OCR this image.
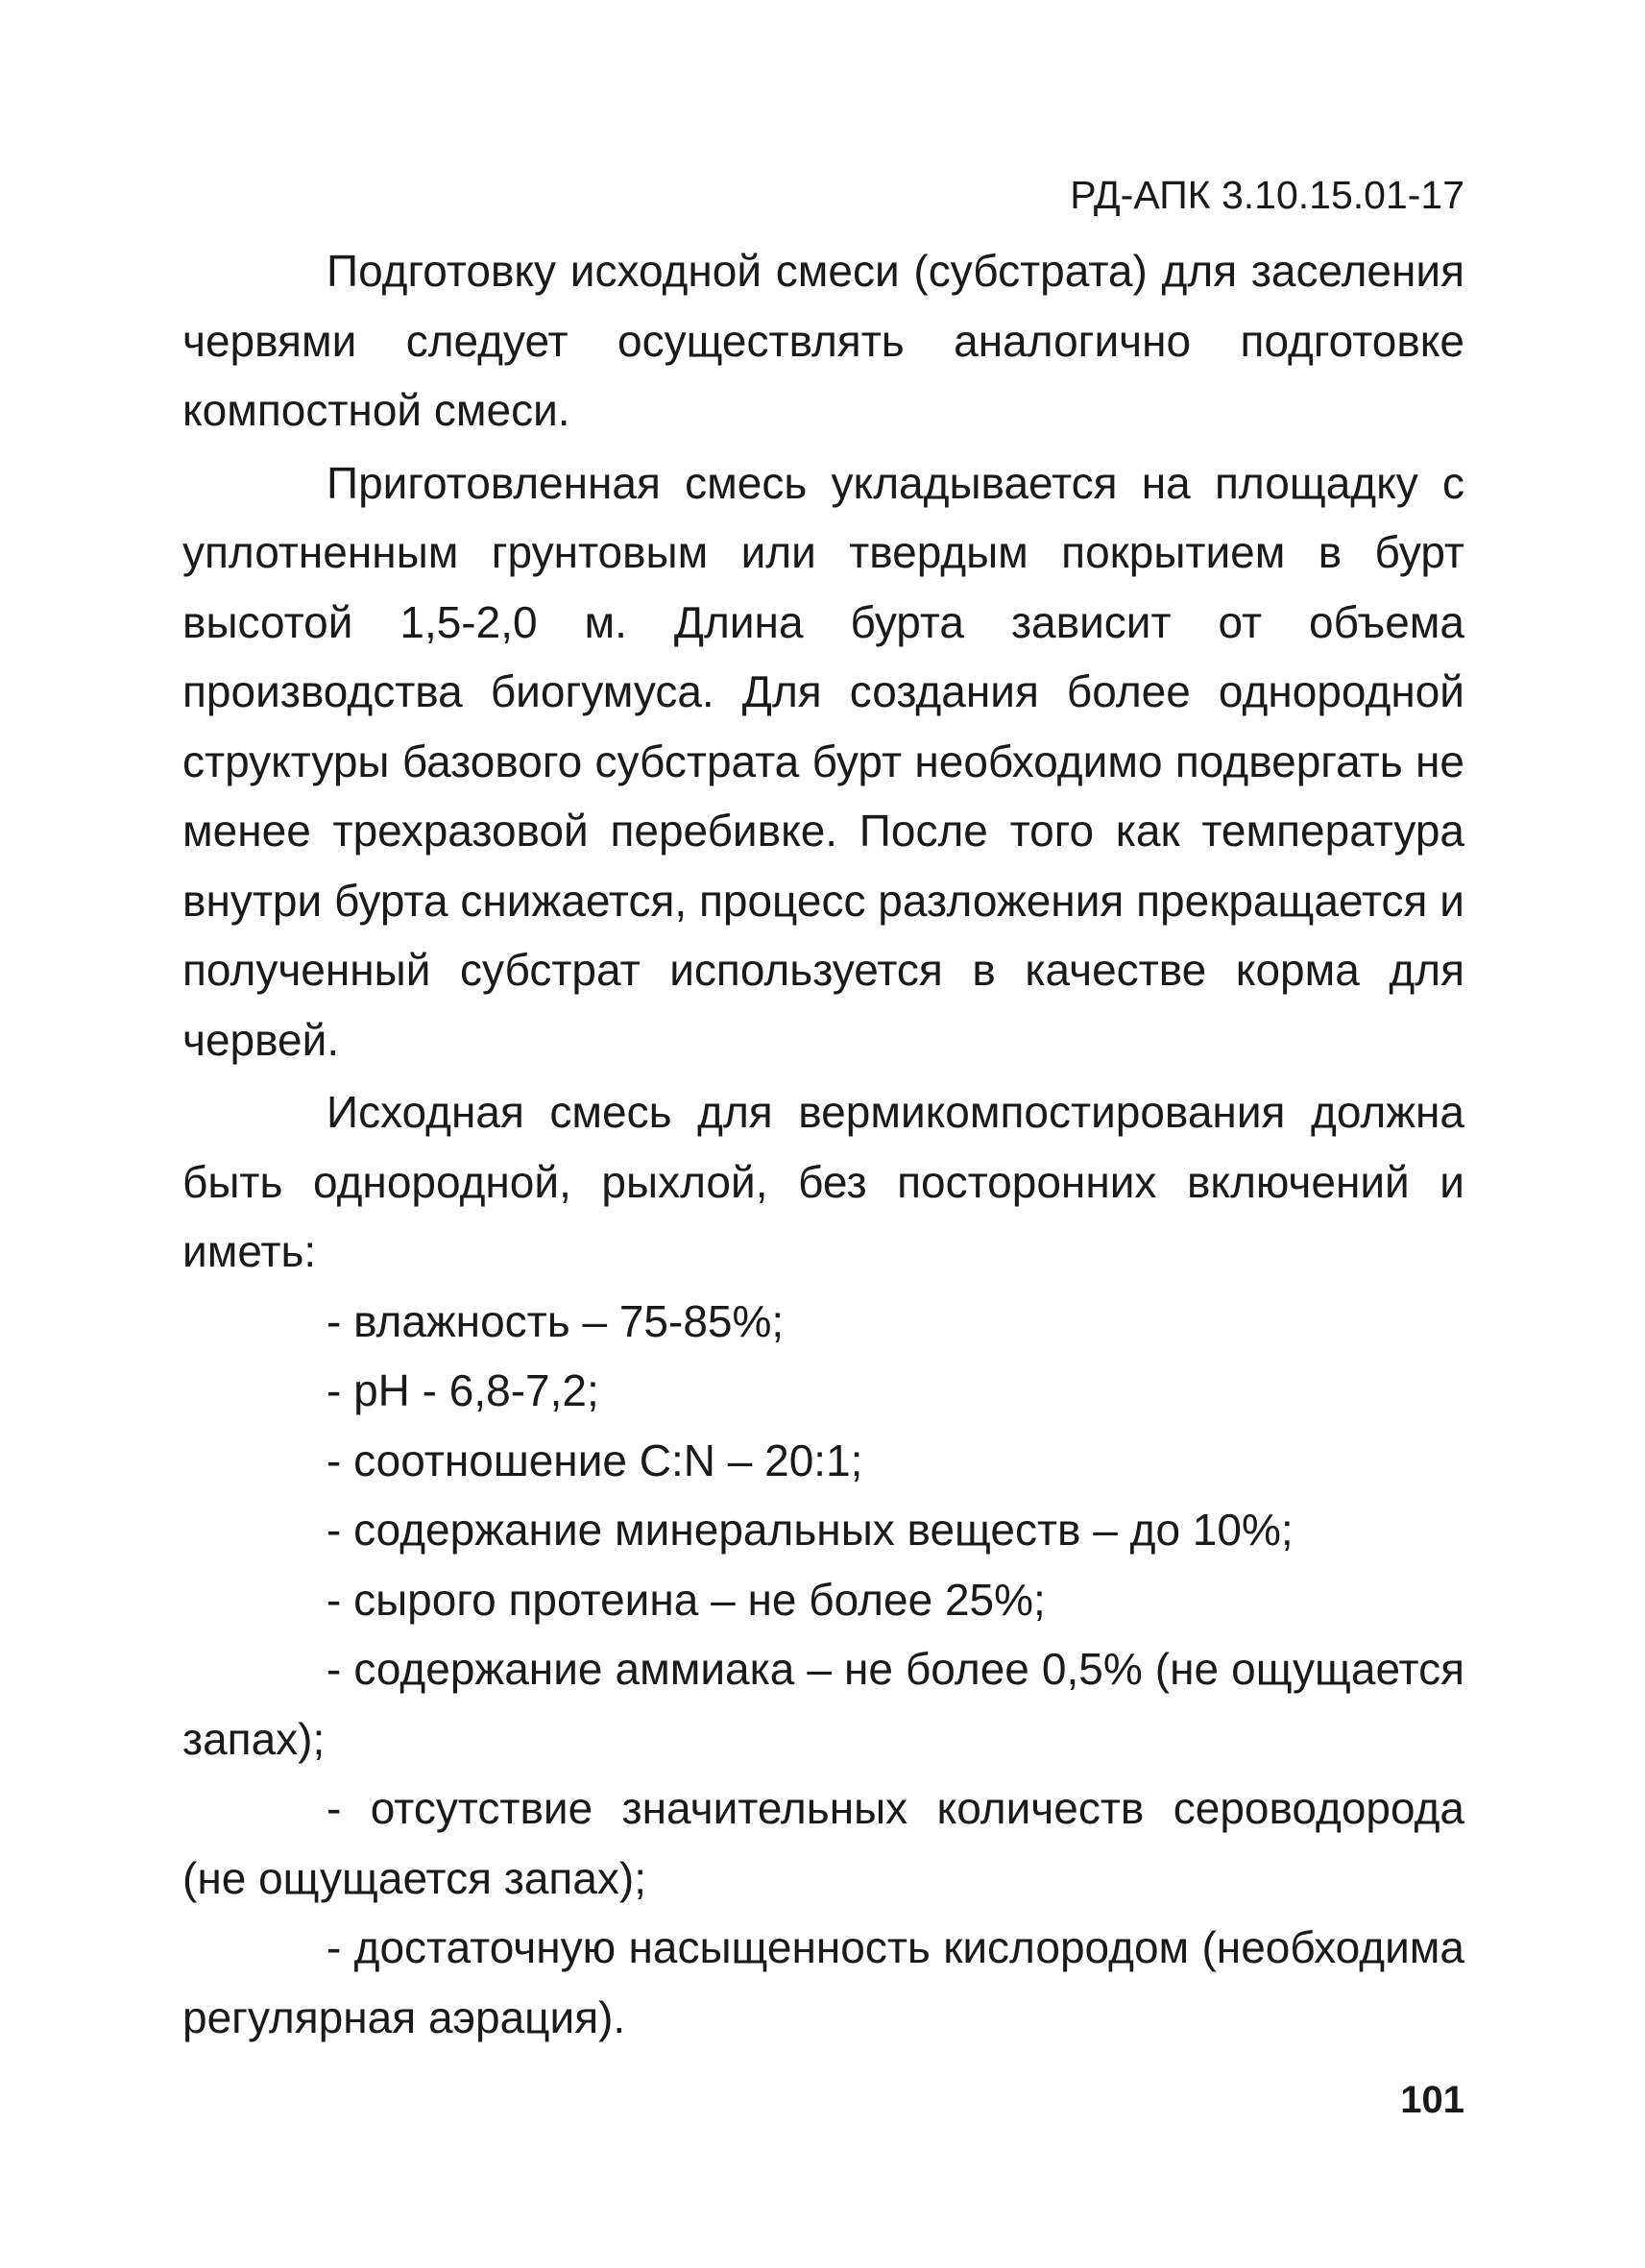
РД-АПК 3.10.15.01-17

Подготовку исходной смеси (субстрата) для заселения червями следует осуществлять аналогично подготовке компостной смеси.

Приготовленная смесь укладывается на площадку с уплотненным грунтовым или твердым покрытием в бурт высотой 1,5-2,0 м. Длина бурта зависит от объема производства биогумуса. Для создания более однородной структуры базового субстрата бурт необходимо подвергать не менее трехразовой перебивке. После того как температура внутри бурта снижается, процесс разложения прекращается и полученный субстрат используется в качестве корма для червей.

Исходная смесь для вермикомпостирования должна быть однородной, рыхлой, без посторонних включений и иметь:

- влажность – 75-85%;

- pH - 6,8-7,2;

- соотношение C:N – 20:1;

- содержание минеральных веществ – до 10%;

- сырого протеина – не более 25%;

- содержание аммиака – не более 0,5% (не ощущается запах);

- отсутствие значительных количеств сероводорода (не ощущается запах);

- достаточную насыщенность кислородом (необходима регулярная аэрация).

101
